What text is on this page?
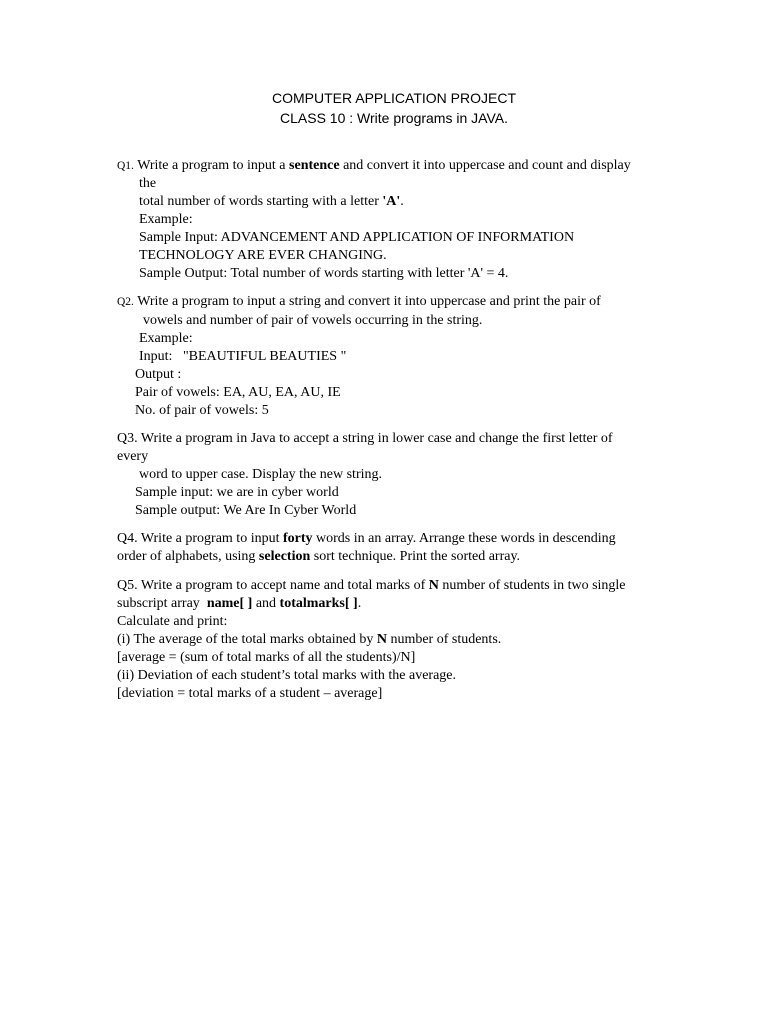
COMPUTER APPLICATION PROJECT
CLASS 10 : Write programs in JAVA.
Q1. Write a program to input a sentence and convert it into uppercase and count and display
the
total number of words starting with a letter 'A'.
Example:
Sample Input: ADVANCEMENT AND APPLICATION OF INFORMATION
TECHNOLOGY ARE EVER CHANGING.
Sample Output: Total number of words starting with letter 'A' = 4.
Q2. Write a program to input a string and convert it into uppercase and print the pair of
vowels and number of pair of vowels occurring in the string.
Example:
Input:   "BEAUTIFUL BEAUTIES "
Output :
Pair of vowels: EA, AU, EA, AU, IE
No. of pair of vowels: 5
Q3. Write a program in Java to accept a string in lower case and change the first letter of
every
word to upper case. Display the new string.
Sample input: we are in cyber world
Sample output: We Are In Cyber World
Q4. Write a program to input forty words in an array. Arrange these words in descending
order of alphabets, using selection sort technique. Print the sorted array.
Q5. Write a program to accept name and total marks of N number of students in two single
subscript array  name[ ] and totalmarks[ ].
Calculate and print:
(i) The average of the total marks obtained by N number of students.
[average = (sum of total marks of all the students)/N]
(ii) Deviation of each student’s total marks with the average.
[deviation = total marks of a student – average]
